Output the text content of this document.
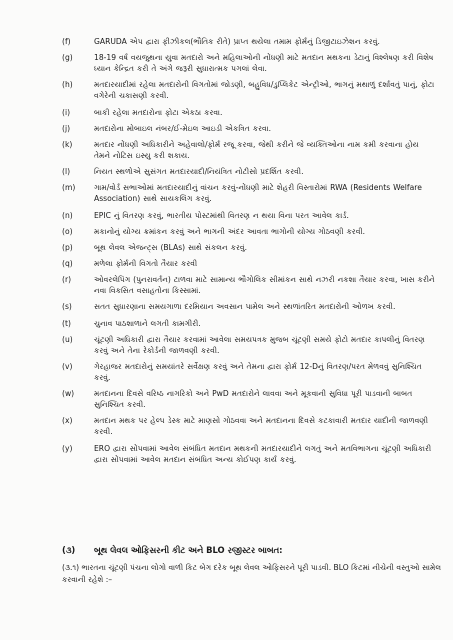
(f)	GARUDA એપ દ્વારા ફીઝીકલ(ભૌતિક રીતે) પ્રાપ્ત થયેલા તમામ ફોર્મનું ડિજીટાઇઝેશન કરવું.
(g)	18-19 વર્ષ વયજુથના યુવા મતદારો અને મહિલાઓની નોંધણી માટે મતદાન મથકના ડેટાનું વિશ્લેષણ કરી વિશેષ ધ્યાન કેન્દ્રિત કરી તે અંગે જરૂરી સુધારાત્મક પગલાં લેવા.
(h)	મતદારયાદીમાં રહેલા મતદારોની વિગતોમાં જોડણી, બહુવિધ/ડુપ્લિકેટ એન્ટ્રીઓ, ભાગનું મથાળું દર્શાવતું પાનું, ફોટા વગેરેની ચકાસણી કરવી.
(i)	બાકી રહેલા મતદારોના ફોટા એકઠા કરવા.
(j)	મતદારોના મોબાઇલ નંબર/ઈ-મેઇલ આઇડી એકત્રિત કરવા.
(k)	મતદાર નોંધણી અધિકારીને અહેવાલો/ફોર્મ રજૂ કરવા, જેથી કરીને જે વ્યક્તિઓના નામ કમી કરવાના હોય તેમને નોટિસ ઇસ્યુ કરી શકાય.
(l)	નિયત સ્થળોએ સુસંગત મતદારયાદી/નિયંત્રિત નોટીસો પ્રદર્શિત કરવી.
(m)	ગામ/વોર્ડ સભાઓમાં મતદારયાદીનું વાંચન કરવું-નોંધણી માટે શેહરી વિસ્તારોમાં RWA (Residents Welfare Association) સાથે સાયકલિંગ કરવું.
(n)	EPIC નું વિતરણ કરવું, ભારતીય પોસ્ટમાંથી વિતરણ ન થયા વિના પરત આવેલ કાર્ડ.
(o)	મકાનોનું યોગ્ય ક્રમાંકન કરવું અને ભાગની અંદર આવતા ભાગોની યોગ્ય ગોઠવણી કરવી.
(p)	બૂથ લેવલ એજન્ટ્સ (BLAs) સાથે સંકલન કરવું.
(q)	મળેલા ફોર્મની વિગતો તૈયાર કરવી
(r)	ઓવરલેપિંગ (પુનરાવર્તન) ટાળવા માટે સામાન્ય ભૌગોલિક સીમાંકન સાથે નઝરી નકશા તૈયાર કરવા, ખાસ કરીને નવા વિકસિત વસાહતોના કિસ્સામાં.
(s)	સતત સુધારણાના સમયગાળા દરમિયાન અવસાન પામેલ અને સ્થળાંતરિત મતદારોની ઓળખ કરવી.
(t)	ચુનાવ પાઠશાળાને લગતી કામગીરી.
(u)	ચૂંટણી અધિકારી દ્વારા તૈયાર કરવામાં આવેલા સમયપત્રક મુજબ ચૂંટણી સમયે ફોટો મતદાર કાપલીનું વિતરણ કરવું અને તેના રેકોર્ડની જાળવણી કરવી.
(v)	ગેરહાજર મતદારોનું સમયાંતરે સર્વેક્ષણ કરવું અને તેમના દ્વારા ફોર્મ 12-Dનું વિતરણ/પરત મેળવવું સુનિશ્ચિત કરવું.
(w)	મતદાનના દિવસે વરિષ્ઠ નાગરિકો અને PwD મતદારોને લાવવા અને મૂકવાની સુવિધા પૂરી પાડવાની બાબત સુનિશ્ચિત કરવી.
(x)	મતદાન મથક પર હેલ્પ ડેસ્ક માટે માણસો ગોઠવવા અને મતદાનના દિવસે કટકાવારી મતદાર યાદીની જાળવણી કરવી.
(y)	ERO દ્વારા સોંપવામાં આવેલ સંબંધિત મતદાન મથકની મતદારયાદીને લગતું અને મતવિભાગના ચૂંટણી અધિકારી દ્વારા સોંપવામાં આવેલ મતદાન સંબંધિત અન્ય કોઈપણ કાર્ય કરવું.
(૩)	બૂથ લેવલ ઓફિસરની કીટ અને BLO રજીસ્ટર બાબત:
(૩.૧) ભારતના ચૂંટણી પંચના લોગો વાળી કિટ બેગ દરેક બૂથ લેવલ ઓફિસરને પૂરી પાડવી. BLO કિટમાં નીચેની વસ્તુઓ સામેલ કરવાની રહેશે :–
